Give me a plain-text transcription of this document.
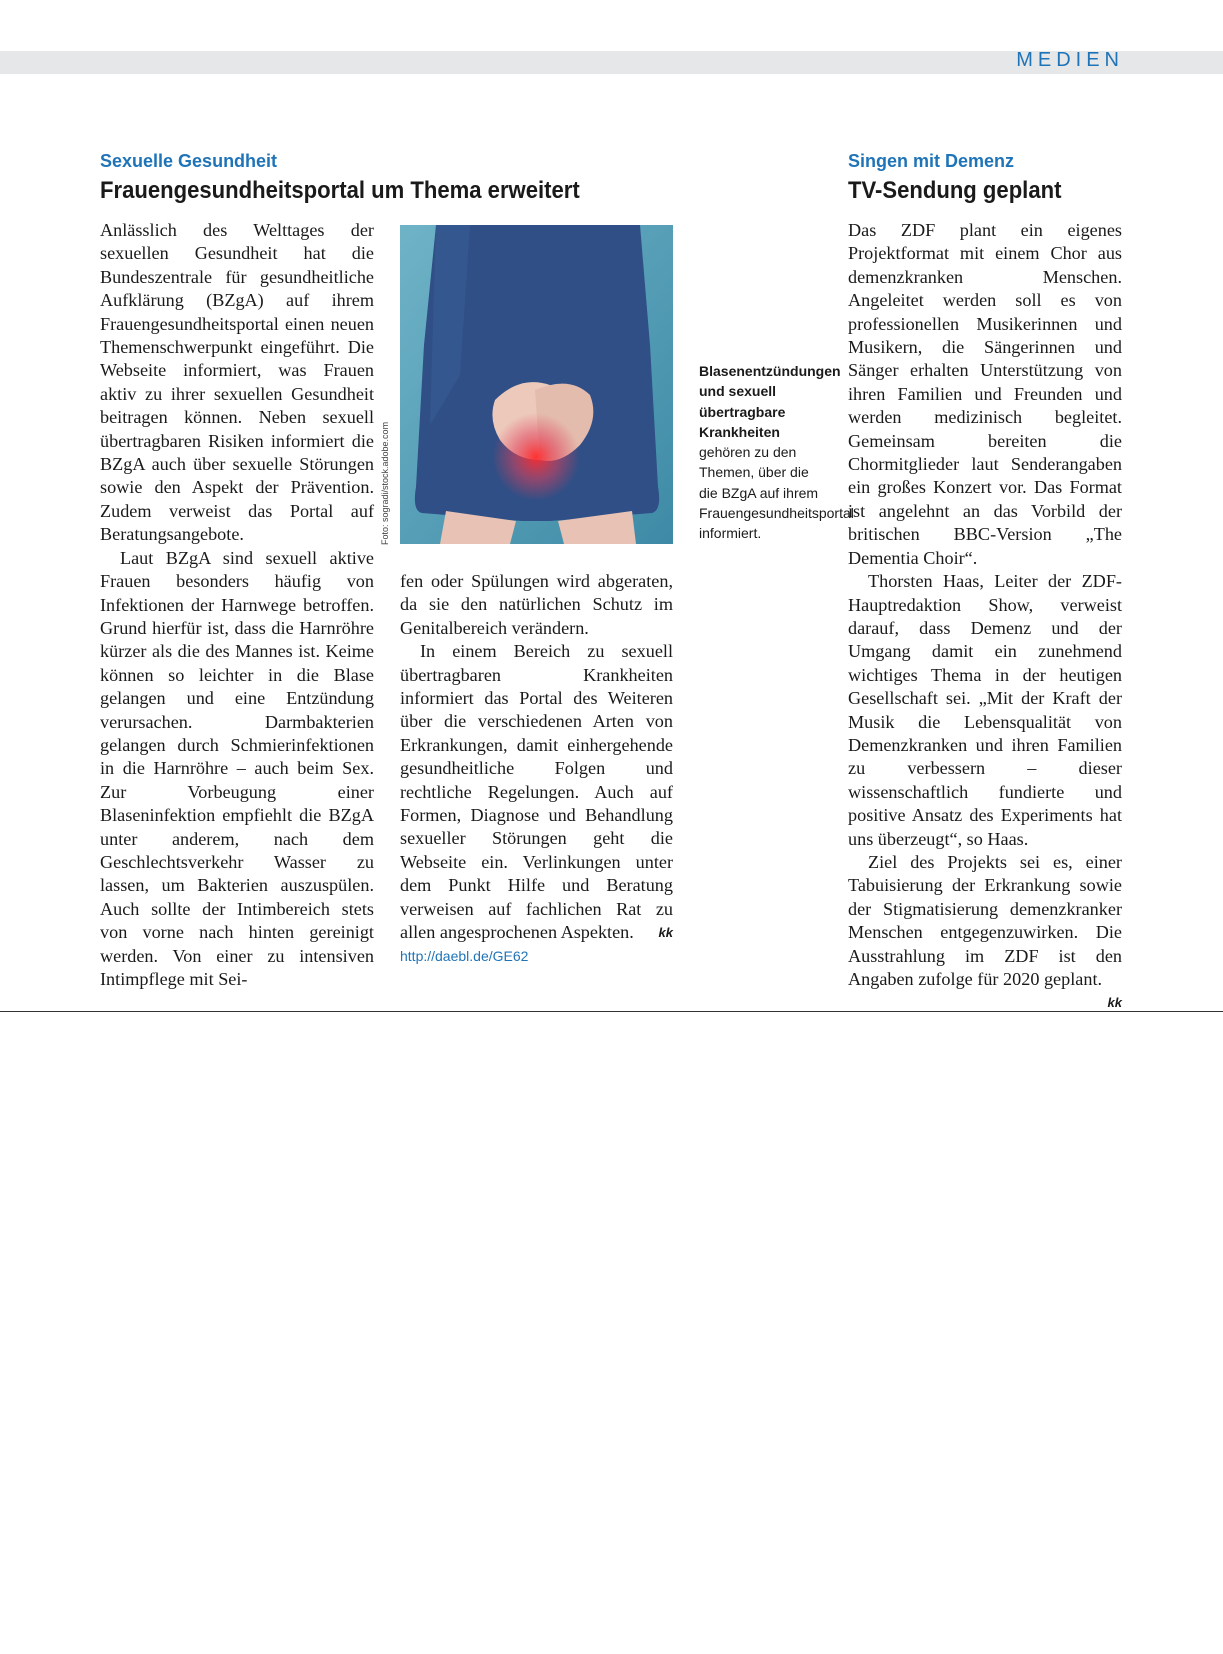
MEDIEN
Sexuelle Gesundheit
Frauengesundheitsportal um Thema erweitert

Anlässlich des Welttages der sexuellen Gesundheit hat die Bundeszentrale für gesundheitliche Aufklärung (BZgA) auf ihrem Frauengesundheitsportal einen neuen Themenschwerpunkt eingeführt. Die Webseite informiert, was Frauen aktiv zu ihrer sexuellen Gesundheit beitragen können. Neben sexuell übertragbaren Risiken informiert die BZgA auch über sexuelle Störungen sowie den Aspekt der Prävention. Zudem verweist das Portal auf Beratungsangebote.

Laut BZgA sind sexuell aktive Frauen besonders häufig von Infektionen der Harnwege betroffen. Grund hierfür ist, dass die Harnröhre kürzer als die des Mannes ist. Keime können so leichter in die Blase gelangen und eine Entzündung verursachen. Darmbakterien gelangen durch Schmierinfektionen in die Harnröhre – auch beim Sex. Zur Vorbeugung einer Blaseninfektion empfiehlt die BZgA unter anderem, nach dem Geschlechtsverkehr Wasser zu lassen, um Bakterien auszuspülen. Auch sollte der Intimbereich stets von vorne nach hinten gereinigt werden. Von einer zu intensiven Intimpflege mit Sei-

Foto: sogradi/stock.adobe.com
Blasenentzündungen und sexuell übertragbare Krankheiten gehören zu den Themen, über die die BZgA auf ihrem Frauengesundheitsportal informiert.

fen oder Spülungen wird abgeraten, da sie den natürlichen Schutz im Genitalbereich verändern.

In einem Bereich zu sexuell übertragbaren Krankheiten informiert das Portal des Weiteren über die verschiedenen Arten von Erkrankungen, damit einhergehende gesundheitliche Folgen und rechtliche Regelungen. Auch auf Formen, Diagnose und Behandlung sexueller Störungen geht die Webseite ein. Verlinkungen unter dem Punkt Hilfe und Beratung verweisen auf fachlichen Rat zu allen angesprochenen Aspekten.	kk

http://daebl.de/GE62
Singen mit Demenz
TV-Sendung geplant

Das ZDF plant ein eigenes Projektformat mit einem Chor aus demenzkranken Menschen. Angeleitet werden soll es von professionellen Musikerinnen und Musikern, die Sängerinnen und Sänger erhalten Unterstützung von ihren Familien und Freunden und werden medizinisch begleitet. Gemeinsam bereiten die Chormitglieder laut Senderangaben ein großes Konzert vor. Das Format ist angelehnt an das Vorbild der britischen BBC-Version „The Dementia Choir“.

Thorsten Haas, Leiter der ZDF-Hauptredaktion Show, verweist darauf, dass Demenz und der Umgang damit ein zunehmend wichtiges Thema in der heutigen Gesellschaft sei. „Mit der Kraft der Musik die Lebensqualität von Demenzkranken und ihren Familien zu verbessern – dieser wissenschaftlich fundierte und positive Ansatz des Experiments hat uns überzeugt“, so Haas.

Ziel des Projekts sei es, einer Tabuisierung der Erkrankung sowie der Stigmatisierung demenzkranker Menschen entgegenzuwirken. Die Ausstrahlung im ZDF ist den Angaben zufolge für 2020 geplant.
kk
